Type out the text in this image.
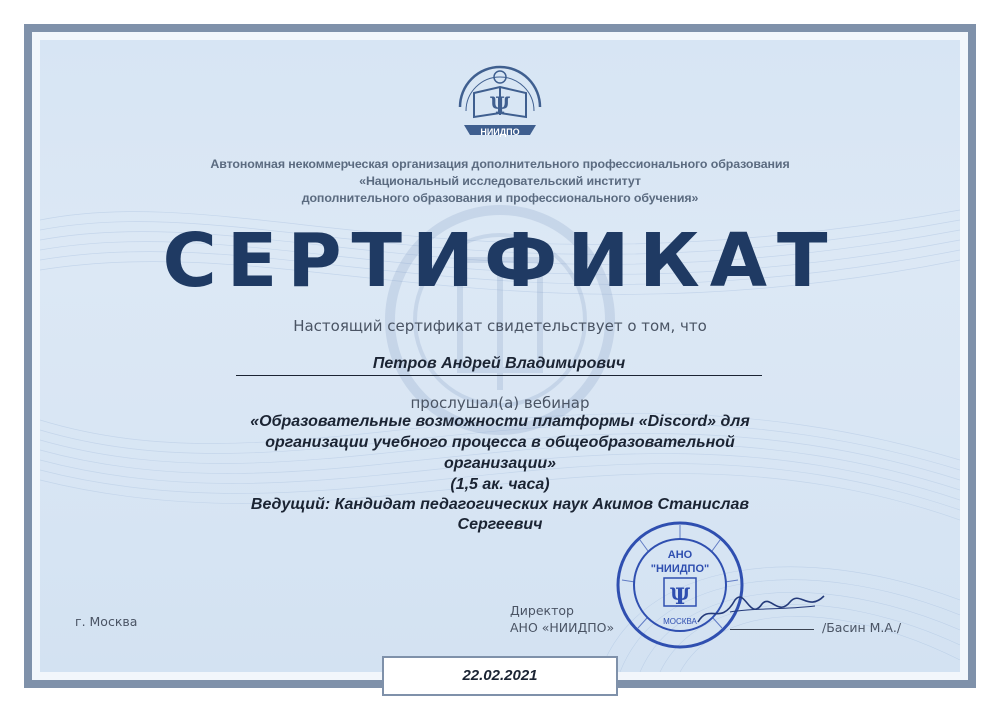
Ψ
НИИДПО
Автономная некоммерческая организация дополнительного профессионального образования
«Национальный исследовательский институт
дополнительного образования и профессионального обучения»
СЕРТИФИКАТ
Настоящий сертификат свидетельствует о том, что
Петров Андрей Владимирович
прослушал(а) вебинар
«Образовательные возможности платформы «Discord» для
организации учебного процесса в общеобразовательной
организации»
(1,5 ак. часа)
Ведущий: Кандидат педагогических наук Акимов Станислав
Сергеевич
г. Москва
Директор
АНО «НИИДПО»
АНО
"НИИДПО"
Ψ
МОСКВА	/Басин М.А./
22.02.2021
